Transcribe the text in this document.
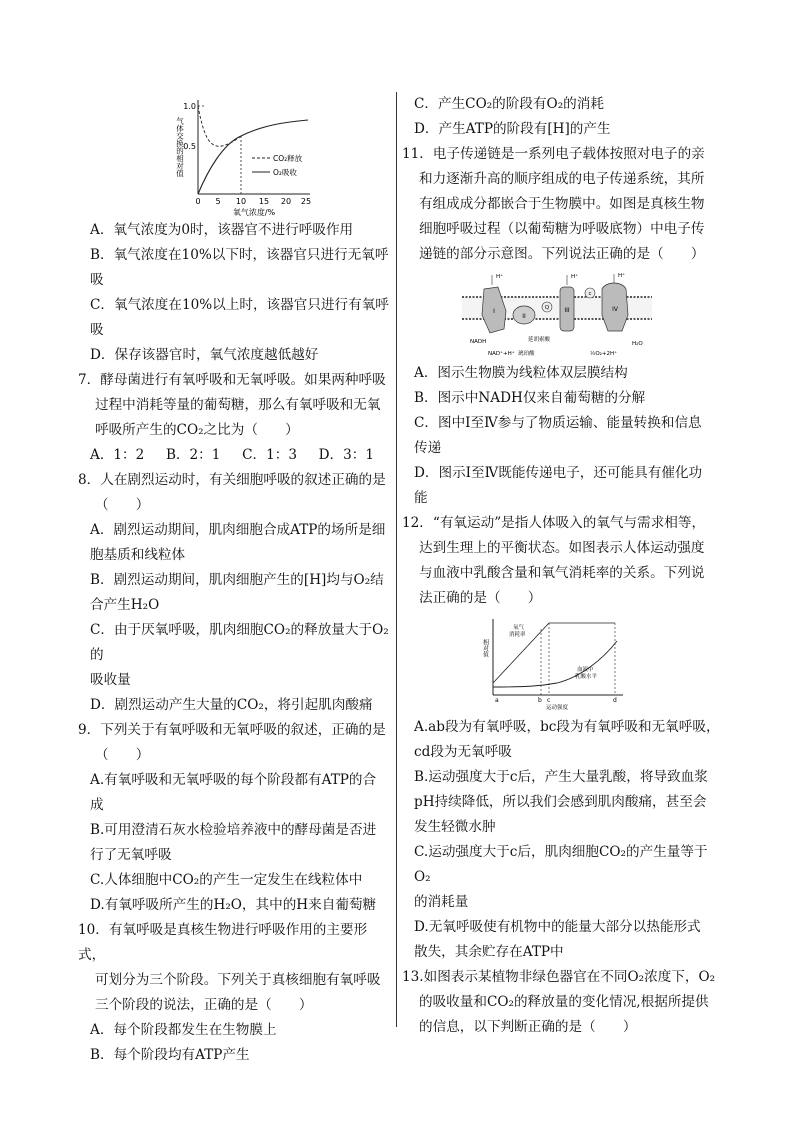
1.0
0.5
0 5 10 15 20 25
气体交换的相对值
氧气浓度/%
CO₂释放
O₂吸收

A．氧气浓度为0时，该器官不进行呼吸作用

B．氧气浓度在10%以下时，该器官只进行无氧呼

吸

C．氧气浓度在10%以上时，该器官只进行有氧呼

吸

D．保存该器官时，氧气浓度越低越好

7．酵母菌进行有氧呼吸和无氧呼吸。如果两种呼吸

过程中消耗等量的葡萄糖，那么有氧呼吸和无氧

呼吸所产生的CO₂之比为（　　）

A．1：2 B．2：1 C．1：3 D．3：1

8．人在剧烈运动时，有关细胞呼吸的叙述正确的是

（　　）

A．剧烈运动期间，肌肉细胞合成ATP的场所是细

胞基质和线粒体

B．剧烈运动期间，肌肉细胞产生的[H]均与O₂结

合产生H₂O

C．由于厌氧呼吸，肌肉细胞CO₂的释放量大于O₂的

吸收量

D．剧烈运动产生大量的CO₂，将引起肌肉酸痛

9．下列关于有氧呼吸和无氧呼吸的叙述，正确的是

（　　）

A.有氧呼吸和无氧呼吸的每个阶段都有ATP的合

成

B.可用澄清石灰水检验培养液中的酵母菌是否进

行了无氧呼吸

C.人体细胞中CO₂的产生一定发生在线粒体中

D.有氧呼吸所产生的H₂O，其中的H来自葡萄糖

10．有氧呼吸是真核生物进行呼吸作用的主要形式，

可划分为三个阶段。下列关于真核细胞有氧呼吸

三个阶段的说法，正确的是（　　）

A．每个阶段都发生在生物膜上

B．每个阶段均有ATP产生

C．产生CO₂的阶段有O₂的消耗

D．产生ATP的阶段有[H]的产生

11．电子传递链是一系列电子载体按照对电子的亲

和力逐渐升高的顺序组成的电子传递系统，其所

有组成成分都嵌合于生物膜中。如图是真核生物

细胞呼吸过程（以葡萄糖为呼吸底物）中电子传

递链的部分示意图。下列说法正确的是（　　）

I
II
Q	III
c
IV
H⁺	H⁺	H⁺
NADH
NAD⁺+H⁺ 琥珀酸
延胡索酸
½O₂+2H⁺
H₂O

A．图示生物膜为线粒体双层膜结构

B．图示中NADH仅来自葡萄糖的分解

C．图中Ⅰ至Ⅳ参与了物质运输、能量转换和信息

传递

D．图示Ⅰ至Ⅳ既能传递电子，还可能具有催化功

能

12．“有氧运动”是指人体吸入的氧气与需求相等，

达到生理上的平衡状态。如图表示人体运动强度

与血液中乳酸含量和氧气消耗率的关系。下列说

法正确的是（　　）

相对值
氧气
消耗率
血液中
乳酸水平
a	b c	d
运动强度

A.ab段为有氧呼吸，bc段为有氧呼吸和无氧呼吸，

cd段为无氧呼吸

B.运动强度大于c后，产生大量乳酸，将导致血浆

pH持续降低，所以我们会感到肌肉酸痛，甚至会

发生轻微水肿

C.运动强度大于c后，肌肉细胞CO₂的产生量等于O₂

的消耗量

D.无氧呼吸使有机物中的能量大部分以热能形式

散失，其余贮存在ATP中

13.如图表示某植物非绿色器官在不同O₂浓度下，O₂

的吸收量和CO₂的释放量的变化情况,根据所提供

的信息，以下判断正确的是（　　）
